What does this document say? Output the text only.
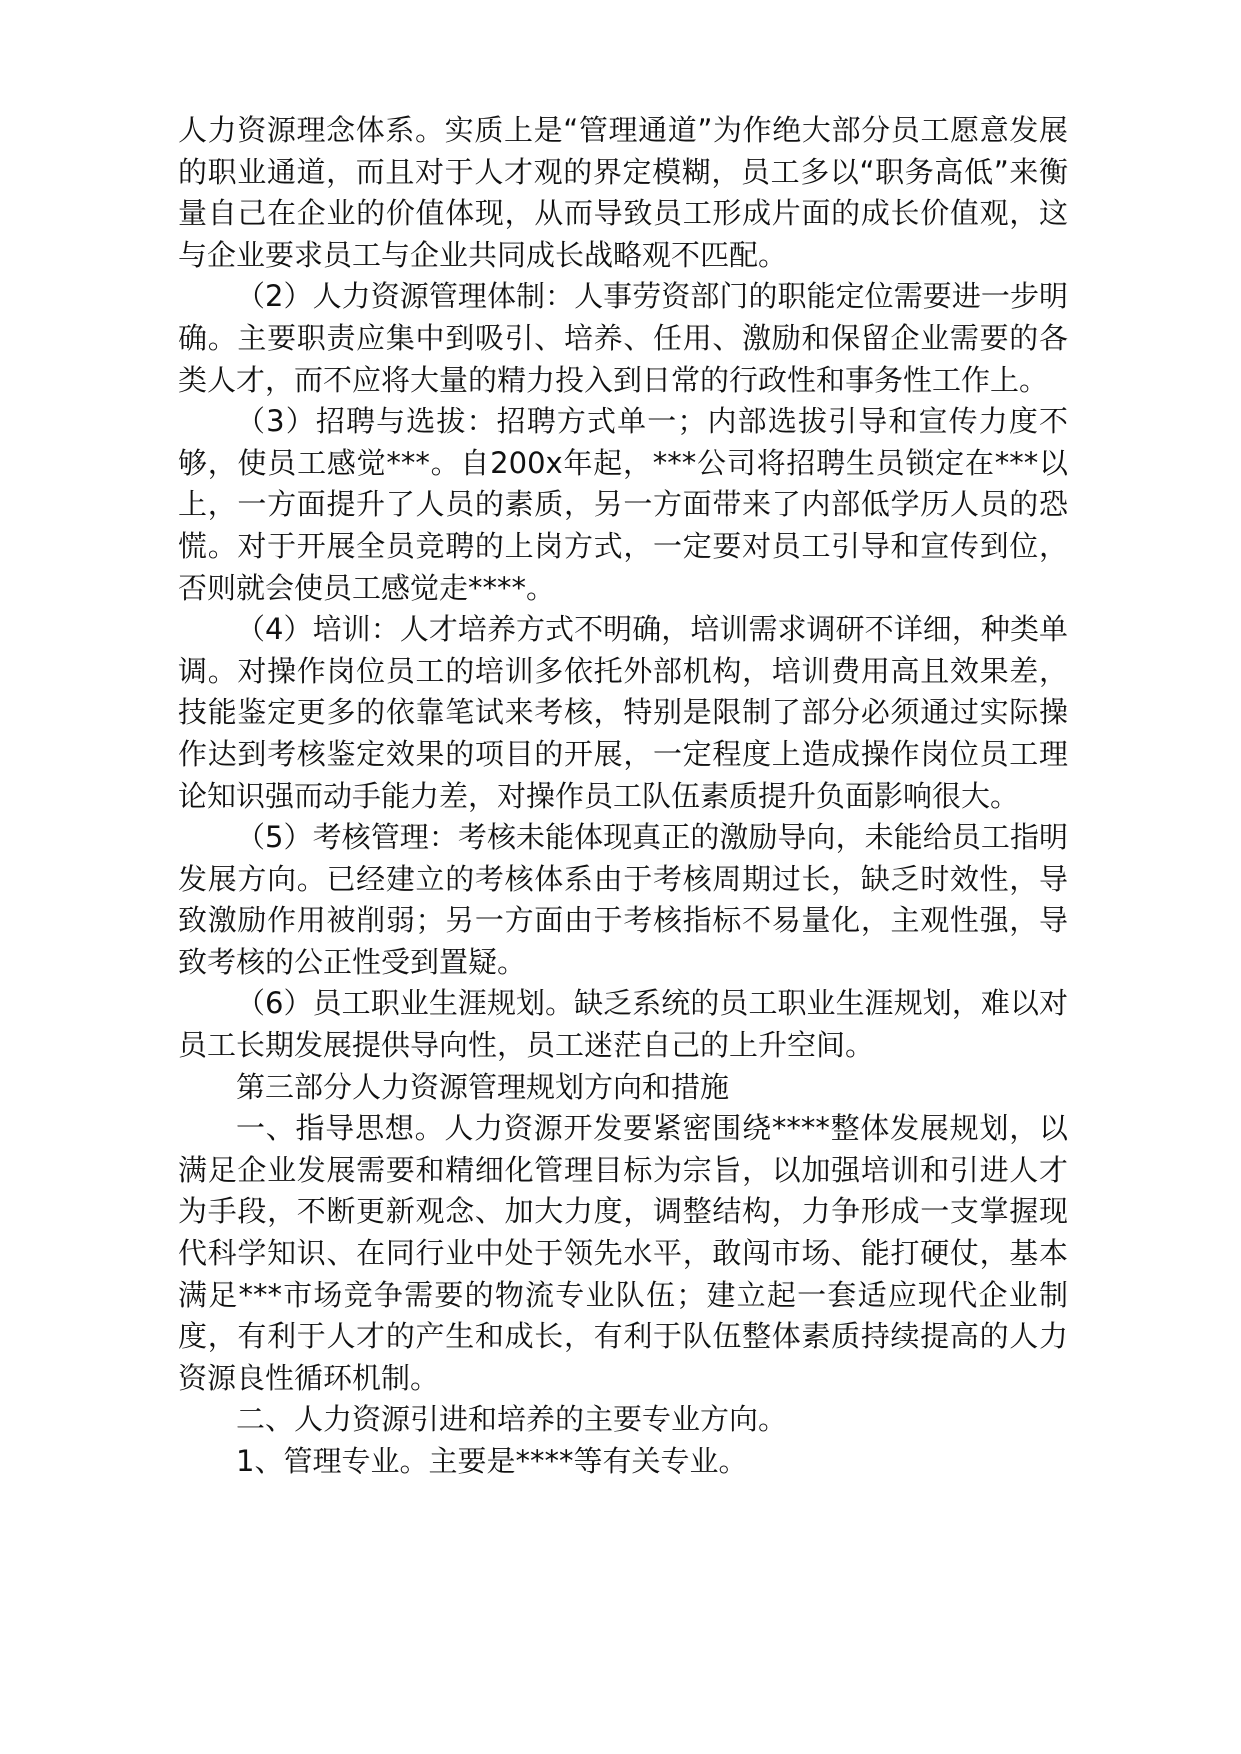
人力资源理念体系。实质上是“管理通道”为作绝大部分员工愿意发展的职业通道，而且对于人才观的界定模糊，员工多以“职务高低”来衡量自己在企业的价值体现，从而导致员工形成片面的成长价值观，这与企业要求员工与企业共同成长战略观不匹配。

（2）人力资源管理体制：人事劳资部门的职能定位需要进一步明确。主要职责应集中到吸引、培养、任用、激励和保留企业需要的各类人才，而不应将大量的精力投入到日常的行政性和事务性工作上。

（3）招聘与选拔：招聘方式单一；内部选拔引导和宣传力度不够，使员工感觉***。自200x年起，***公司将招聘生员锁定在***以上，一方面提升了人员的素质，另一方面带来了内部低学历人员的恐慌。对于开展全员竞聘的上岗方式，一定要对员工引导和宣传到位，否则就会使员工感觉走****。

（4）培训：人才培养方式不明确，培训需求调研不详细，种类单调。对操作岗位员工的培训多依托外部机构，培训费用高且效果差，技能鉴定更多的依靠笔试来考核，特别是限制了部分必须通过实际操作达到考核鉴定效果的项目的开展，一定程度上造成操作岗位员工理论知识强而动手能力差，对操作员工队伍素质提升负面影响很大。

（5）考核管理：考核未能体现真正的激励导向，未能给员工指明发展方向。已经建立的考核体系由于考核周期过长，缺乏时效性，导致激励作用被削弱；另一方面由于考核指标不易量化，主观性强，导致考核的公正性受到置疑。

（6）员工职业生涯规划。缺乏系统的员工职业生涯规划，难以对员工长期发展提供导向性，员工迷茫自己的上升空间。

第三部分人力资源管理规划方向和措施

一、指导思想。人力资源开发要紧密围绕****整体发展规划，以满足企业发展需要和精细化管理目标为宗旨，以加强培训和引进人才为手段，不断更新观念、加大力度，调整结构，力争形成一支掌握现代科学知识、在同行业中处于领先水平，敢闯市场、能打硬仗，基本满足***市场竞争需要的物流专业队伍；建立起一套适应现代企业制度，有利于人才的产生和成长，有利于队伍整体素质持续提高的人力资源良性循环机制。

二、人力资源引进和培养的主要专业方向。

1、管理专业。主要是****等有关专业。
